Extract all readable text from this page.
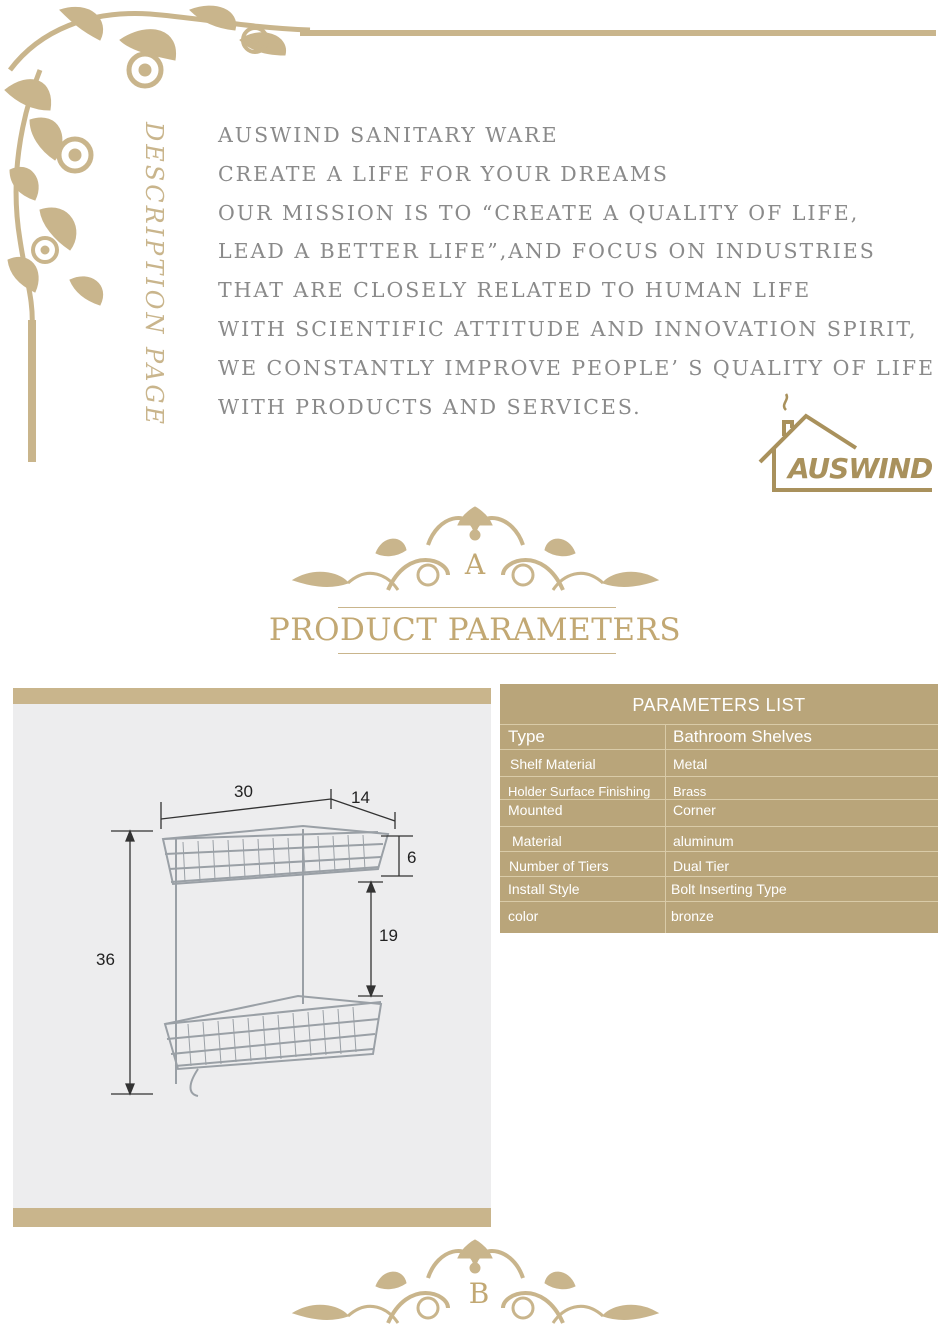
DESCRIPTION PAGE AUSWIND SANITARY WARE
CREATE A LIFE FOR YOUR DREAMS
OUR MISSION IS TO “CREATE A QUALITY OF LIFE,
LEAD A BETTER LIFE”,AND FOCUS ON INDUSTRIES
THAT ARE CLOSELY RELATED TO HUMAN LIFE
WITH SCIENTIFIC ATTITUDE AND INNOVATION SPIRIT,
WE CONSTANTLY IMPROVE PEOPLE’ S QUALITY OF LIFE
WITH PRODUCTS AND SERVICES.
AUSWIND
A
PRODUCT PARAMETERS
30	14
6
19
36
PARAMETERS LIST
Type	Bathroom Shelves
Shelf Material	Metal
Holder Surface Finishing	Brass
Mounted	Corner
Material	aluminum
Number of Tiers	Dual Tier
Install Style	Bolt Inserting Type
color	bronze
B
